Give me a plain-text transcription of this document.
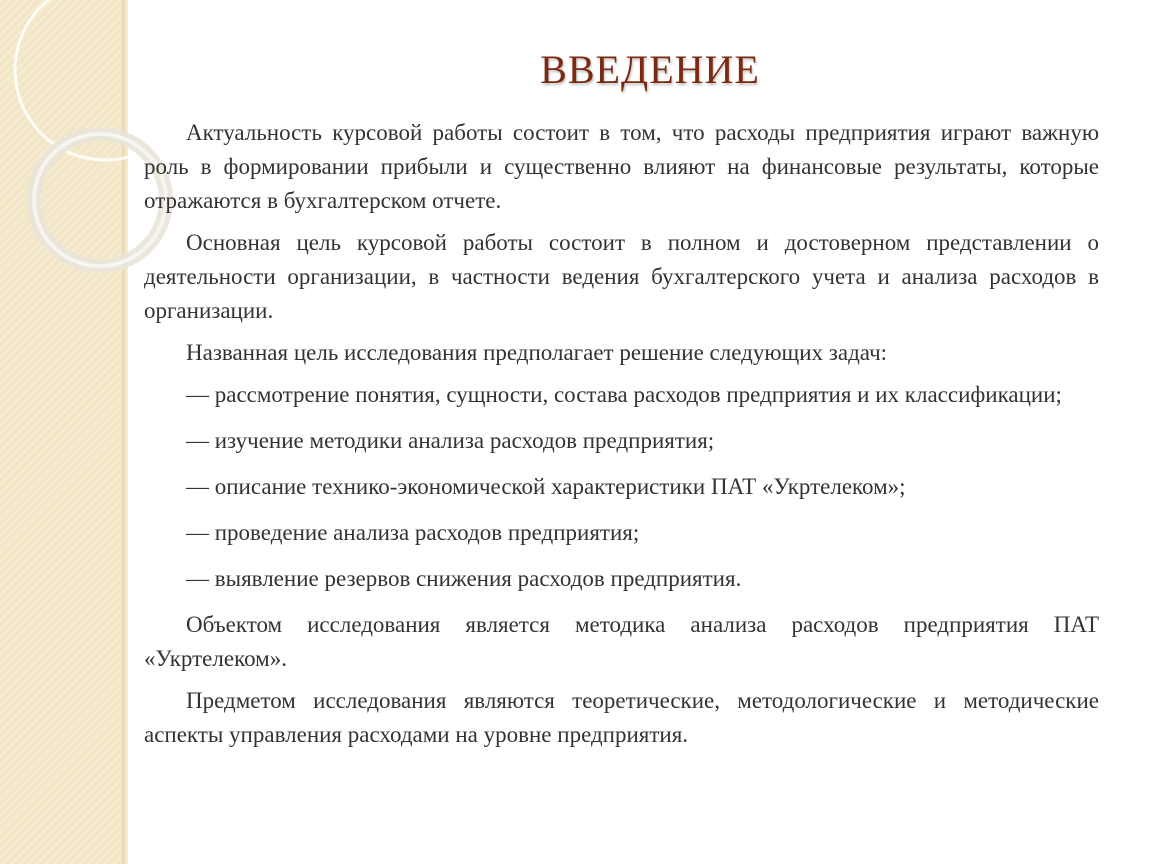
ВВЕДЕНИЕ

Актуальность курсовой работы состоит в том, что расходы предприятия играют важную роль в формировании прибыли и существенно влияют на финансовые результаты, которые отражаются в бухгалтерском отчете.

Основная цель курсовой работы состоит в полном и достоверном представлении о деятельности организации, в частности ведения бухгалтерского учета и анализа расходов в организации.

Названная цель исследования предполагает решение следующих задач:

— рассмотрение понятия, сущности, состава расходов предприятия и их классификации;

— изучение методики анализа расходов предприятия;

— описание технико-экономической характеристики ПАТ «Укртелеком»;

— проведение анализа расходов предприятия;

— выявление резервов снижения расходов предприятия.

Объектом исследования является методика анализа расходов предприятия ПАТ «Укртелеком».

Предметом исследования являются теоретические, методологические и методические аспекты управления расходами на уровне предприятия.
